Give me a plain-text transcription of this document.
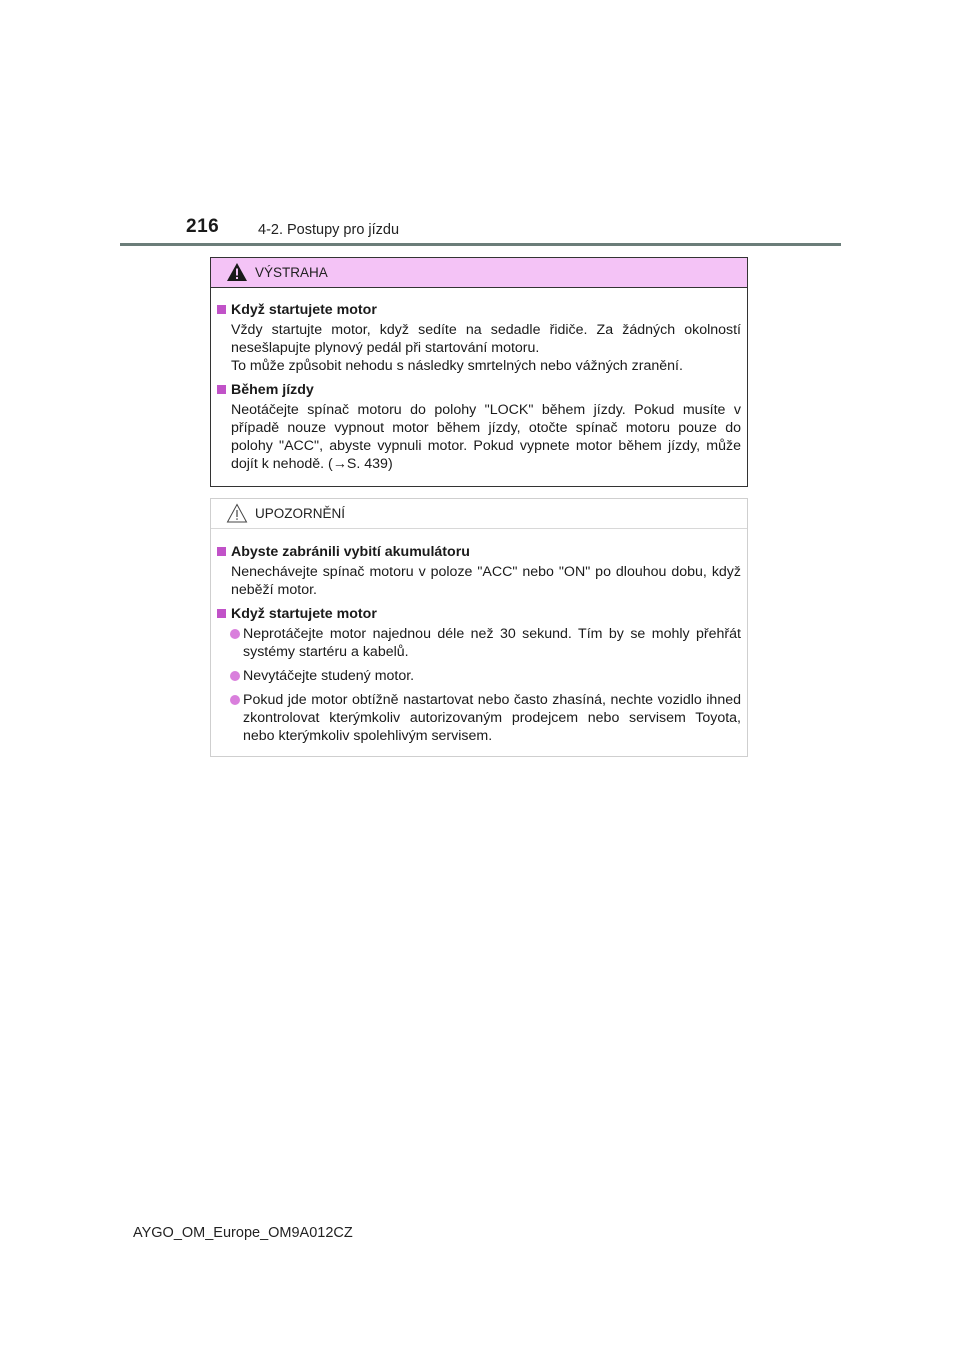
216	4-2. Postupy pro jízdu
VÝSTRAHA
Když startujete motor
Vždy startujte motor, když sedíte na sedadle řidiče. Za žádných okolností nesešlapujte plynový pedál při startování motoru.
To může způsobit nehodu s následky smrtelných nebo vážných zranění.
Během jízdy
Neotáčejte spínač motoru do polohy "LOCK" během jízdy. Pokud musíte v případě nouze vypnout motor během jízdy, otočte spínač motoru pouze do polohy "ACC", abyste vypnuli motor. Pokud vypnete motor během jízdy, může dojít k nehodě. (→S. 439)
UPOZORNĚNÍ
Abyste zabránili vybití akumulátoru
Nenechávejte spínač motoru v poloze "ACC" nebo "ON" po dlouhou dobu, když neběží motor.
Když startujete motor
Neprotáčejte motor najednou déle než 30 sekund. Tím by se mohly přehřát systémy startéru a kabelů.
Nevytáčejte studený motor.
Pokud jde motor obtížně nastartovat nebo často zhasíná, nechte vozidlo ihned zkontrolovat kterýmkoliv autorizovaným prodejcem nebo servisem Toyota, nebo kterýmkoliv spolehlivým servisem.
AYGO_OM_Europe_OM9A012CZ
